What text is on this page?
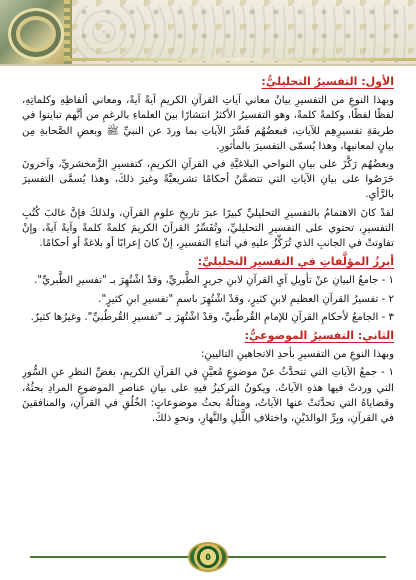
الأول: التفسيرُ التحليليُّ:

وبهذا النوعِ من التفسيرِ بيانُ معاني آياتِ القرآنِ الكريمِ آيةً آيةً، ومعاني ألفاظِهِ وكلماتِهِ، لفظًا لفظًا، وكلمةً كلمةً، وهو التفسيرُ الأكثرُ انتشارًا بينَ العلماءِ بالرغمِ من أنَّهم تباينوا في طريقةِ تفسيرِهِم للآياتِ، فبعضُهُم فَسَّرَ الآياتِ بما وردَ عن النبيِّ ﷺ وبعضِ الصَّحابةِ مِن بيانٍ لمعانيها، وهذا يُسمّى التفسيرَ بالمأثورِ.

وبعضُهُم رَكَّزَ على بيانِ النواحي البلاغيَّةِ في القرآنِ الكريمِ، كتفسيرِ الزَّمخشريِّ، وآخرونَ حَرَصُوا على بيانِ الآياتِ التي تتضمَّنُ أحكامًا تشريعيَّةً وغيرَ ذلكَ، وهذا يُسمَّى التفسيرَ بالرَّأيِ.

لقدْ كانَ الاهتمامُ بالتفسيرِ التحليليِّ كبيرًا عبرَ تاريخِ علومِ القرآنِ، ولذلكَ فإنَّ غالبَ كُتُبِ التفسيرِ، تحتوي على التفسيرِ التحليليِّ، وتُفَسِّرُ القرآنَ الكريمَ كلمةً كلمةً وآيةً آيةً، وإنْ تفاوتتْ في الجانبِ الذي تُرَكِّزُ عليهِ في أثناءِ التفسيرِ، إنْ كانَ إعرابًا أو بلاغةً أو أحكامًا.

أبرزُ المؤلَّفاتِ في التفسيرِ التحليليِّ:

١ - جامعُ البيانِ عنْ تأويلِ آيِ القرآنِ لابنِ جريرٍ الطَّبريِّ، وقدْ اشْتُهِرَ بـ "تفسيرِ الطَّبريِّ".

٢ - تفسيرُ القرآنِ العظيمِ لابنِ كثيرٍ، وقدْ اشْتُهِرَ باسمِ "تفسيرِ ابنِ كثيرٍ".

٣ - الجامعُ لأحكامِ القرآنِ للإمامِ القُرطُبيِّ، وقدْ اشْتُهِرَ بـ "تفسيرِ القُرطُبيِّ". وغيرُها كثيرٌ.

الثاني: التفسيرُ الموضوعيُّ:

وبهذا النوعِ من التفسيرِ بأحدِ الاتجاهينِ التاليينِ:

١ - جمعُ الآياتِ التي تتحدَّثُ عنْ موضوعٍ مُعيَّنٍ في القرآنِ الكريمِ، بغضِّ النظرِ عنِ السُّورِ التي وردتْ فيها هذهِ الآياتُ. ويكونُ التركيزُ فيهِ على بيانِ عناصرِ الموضوعِ المرادِ بحثُهُ، وقضاياهُ التي تحدَّثتْ عنها الآياتُ، ومثالُهُ بحثُ موضوعاتٍ: الخُلُقِ في القرآنِ، والمنافقينَ في القرآنِ، وبِرِّ الوالدَيْنِ، واختلافِ اللَّيلِ والنَّهارِ، ونحوِ ذلكَ.

٥
